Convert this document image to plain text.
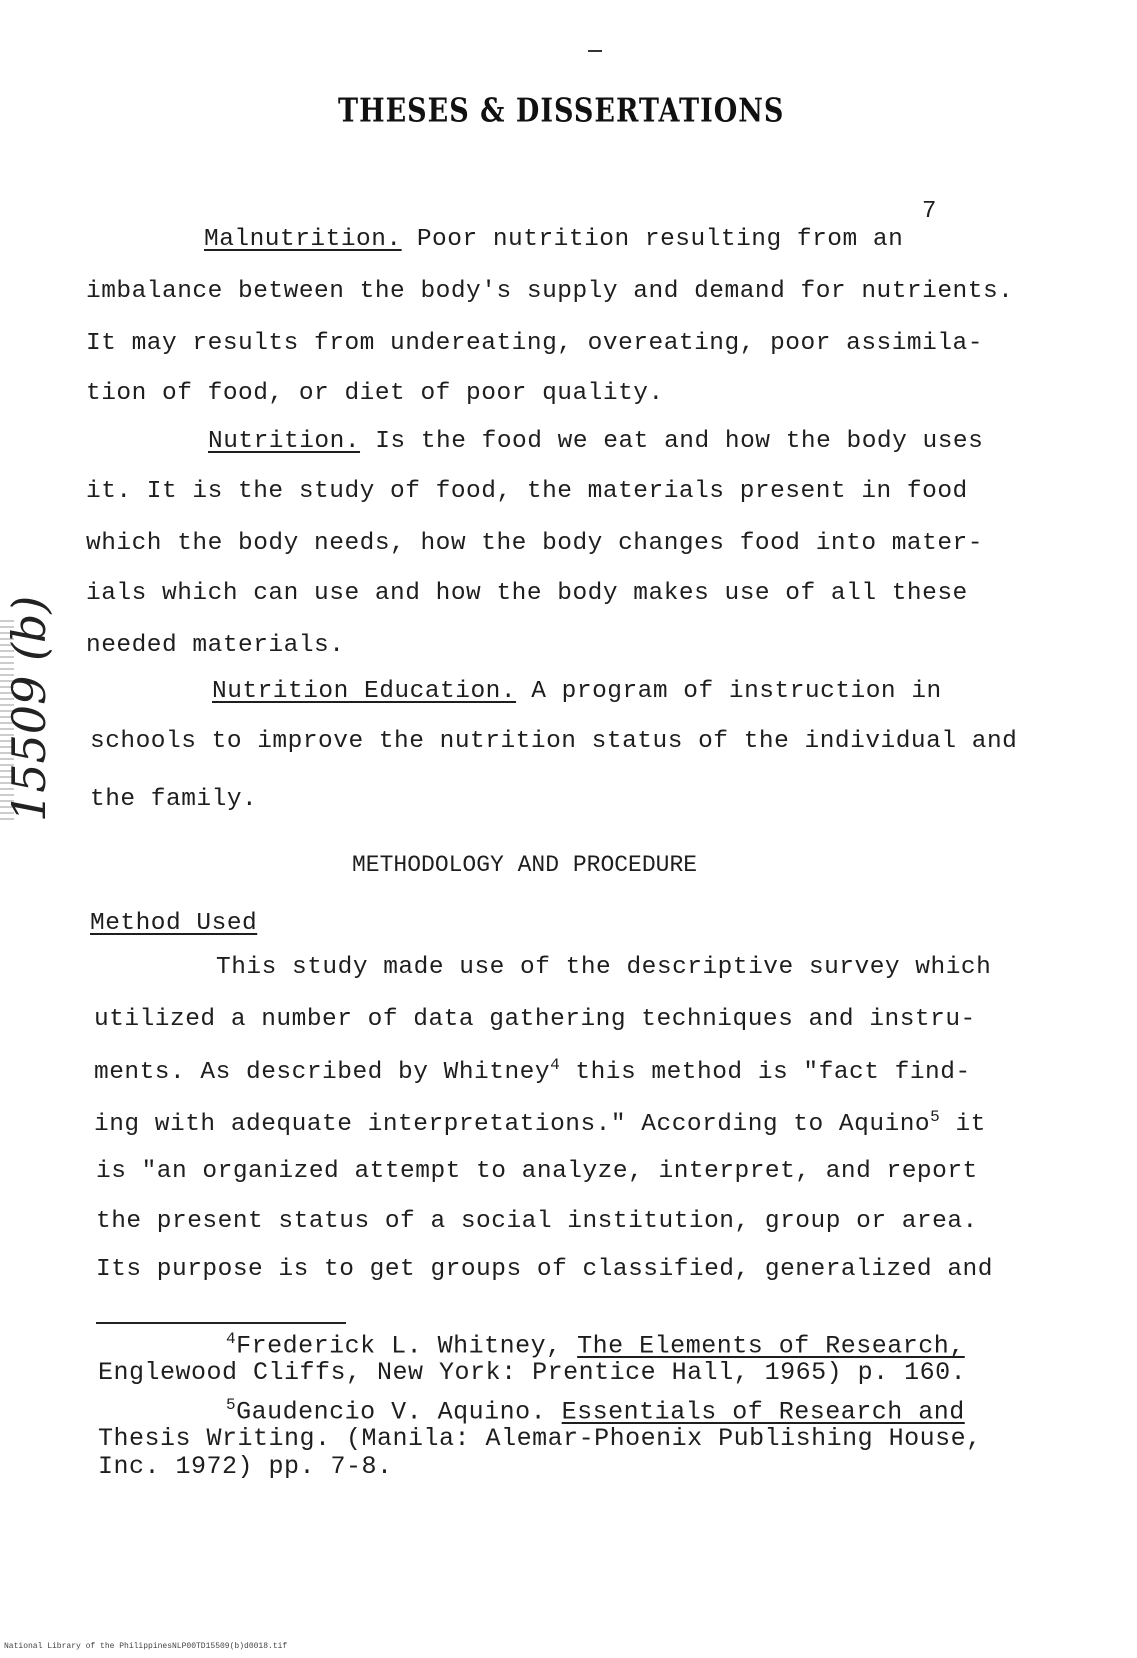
THESES & DISSERTATIONS
7
Malnutrition. Poor nutrition resulting from an
imbalance between the body's supply and demand for nutrients.
It may results from undereating, overeating, poor assimila-
tion of food, or diet of poor quality.
Nutrition. Is the food we eat and how the body uses
it. It is the study of food, the materials present in food
which the body needs, how the body changes food into mater-
ials which can use and how the body makes use of all these
needed materials.
Nutrition Education. A program of instruction in
schools to improve the nutrition status of the individual and
the family.
METHODOLOGY AND PROCEDURE
Method Used
This study made use of the descriptive survey which
utilized a number of data gathering techniques and instru-
ments. As described by Whitney$^4$ this method is "fact find-
ing with adequate interpretations." According to Aquino$^5$ it
is "an organized attempt to analyze, interpret, and report
the present status of a social institution, group or area.
Its purpose is to get groups of classified, generalized and
$^4$Frederick L. Whitney, The Elements of Research,
Englewood Cliffs, New York: Prentice Hall, 1965) p. 160.
$^5$Gaudencio V. Aquino. Essentials of Research and
Thesis Writing. (Manila: Alemar-Phoenix Publishing House,
Inc. 1972) pp. 7-8.
15509 (b)
National Library of the Philippines NLP00TD15509(b)d0018.tif
